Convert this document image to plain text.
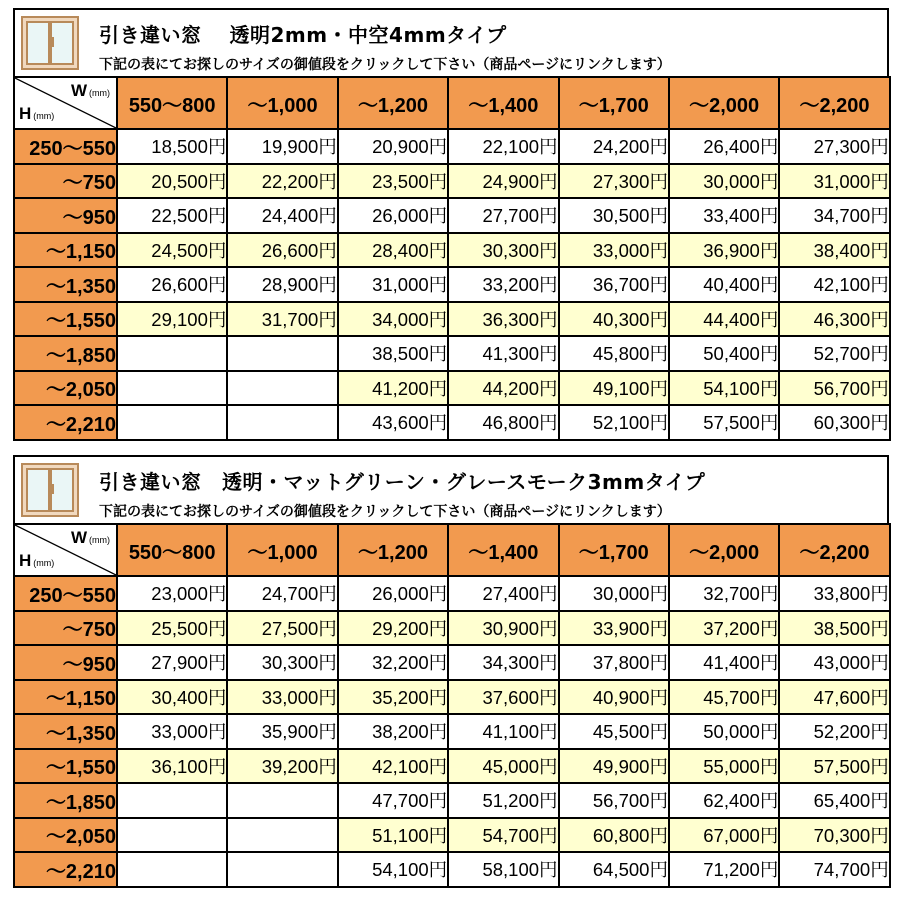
引き違い窓　 透明2mm・中空4mmタイプ
下記の表にてお探しのサイズの御値段をクリックして下さい（商品ページにリンクします）
W (mm)
H (mm)	550〜800	〜1,000	〜1,200	〜1,400	〜1,700	〜2,000	〜2,200
250〜550	18,500円	19,900円	20,900円	22,100円	24,200円	26,400円	27,300円
〜750	20,500円	22,200円	23,500円	24,900円	27,300円	30,000円	31,000円
〜950	22,500円	24,400円	26,000円	27,700円	30,500円	33,400円	34,700円
〜1,150	24,500円	26,600円	28,400円	30,300円	33,000円	36,900円	38,400円
〜1,350	26,600円	28,900円	31,000円	33,200円	36,700円	40,400円	42,100円
〜1,550	29,100円	31,700円	34,000円	36,300円	40,300円	44,400円	46,300円
〜1,850			38,500円	41,300円	45,800円	50,400円	52,700円
〜2,050			41,200円	44,200円	49,100円	54,100円	56,700円
〜2,210			43,600円	46,800円	52,100円	57,500円	60,300円
引き違い窓　透明・マットグリーン・グレースモーク3mmタイプ
下記の表にてお探しのサイズの御値段をクリックして下さい（商品ページにリンクします）
W (mm)
H (mm)	550〜800	〜1,000	〜1,200	〜1,400	〜1,700	〜2,000	〜2,200
250〜550	23,000円	24,700円	26,000円	27,400円	30,000円	32,700円	33,800円
〜750	25,500円	27,500円	29,200円	30,900円	33,900円	37,200円	38,500円
〜950	27,900円	30,300円	32,200円	34,300円	37,800円	41,400円	43,000円
〜1,150	30,400円	33,000円	35,200円	37,600円	40,900円	45,700円	47,600円
〜1,350	33,000円	35,900円	38,200円	41,100円	45,500円	50,000円	52,200円
〜1,550	36,100円	39,200円	42,100円	45,000円	49,900円	55,000円	57,500円
〜1,850			47,700円	51,200円	56,700円	62,400円	65,400円
〜2,050			51,100円	54,700円	60,800円	67,000円	70,300円
〜2,210			54,100円	58,100円	64,500円	71,200円	74,700円
